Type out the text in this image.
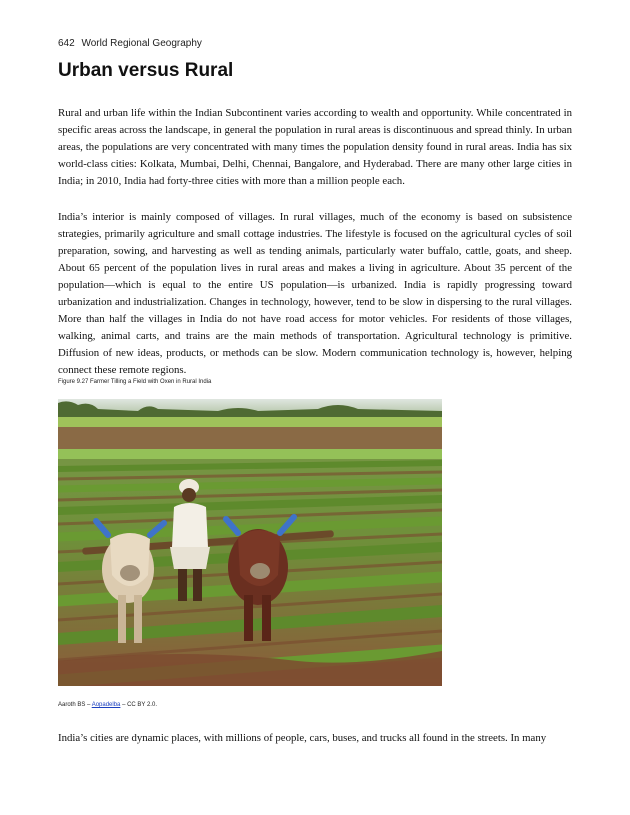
642 World Regional Geography
Urban versus Rural

Rural and urban life within the Indian Subcontinent varies according to wealth and opportunity. While concentrated in specific areas across the landscape, in general the population in rural areas is discontinuous and spread thinly. In urban areas, the populations are very concentrated with many times the population density found in rural areas. India has six world-class cities: Kolkata, Mumbai, Delhi, Chennai, Bangalore, and Hyderabad. There are many other large cities in India; in 2010, India had forty-three cities with more than a million people each.

India’s interior is mainly composed of villages. In rural villages, much of the economy is based on subsistence strategies, primarily agriculture and small cottage industries. The lifestyle is focused on the agricultural cycles of soil preparation, sowing, and harvesting as well as tending animals, particularly water buffalo, cattle, goats, and sheep. About 65 percent of the population lives in rural areas and makes a living in agriculture. About 35 percent of the population—which is equal to the entire US population—is urbanized. India is rapidly progressing toward urbanization and industrialization. Changes in technology, however, tend to be slow in dispersing to the rural villages. More than half the villages in India do not have road access for motor vehicles. For residents of those villages, walking, animal carts, and trains are the main methods of transportation. Agricultural technology is primitive. Diffusion of new ideas, products, or methods can be slow. Modern communication technology is, however, helping connect these remote regions.

Figure 9.27 Farmer Tilling a Field with Oxen in Rural India
Aaroth BS – Aopadelba – CC BY 2.0.

India’s cities are dynamic places, with millions of people, cars, buses, and trucks all found in the streets. In many
